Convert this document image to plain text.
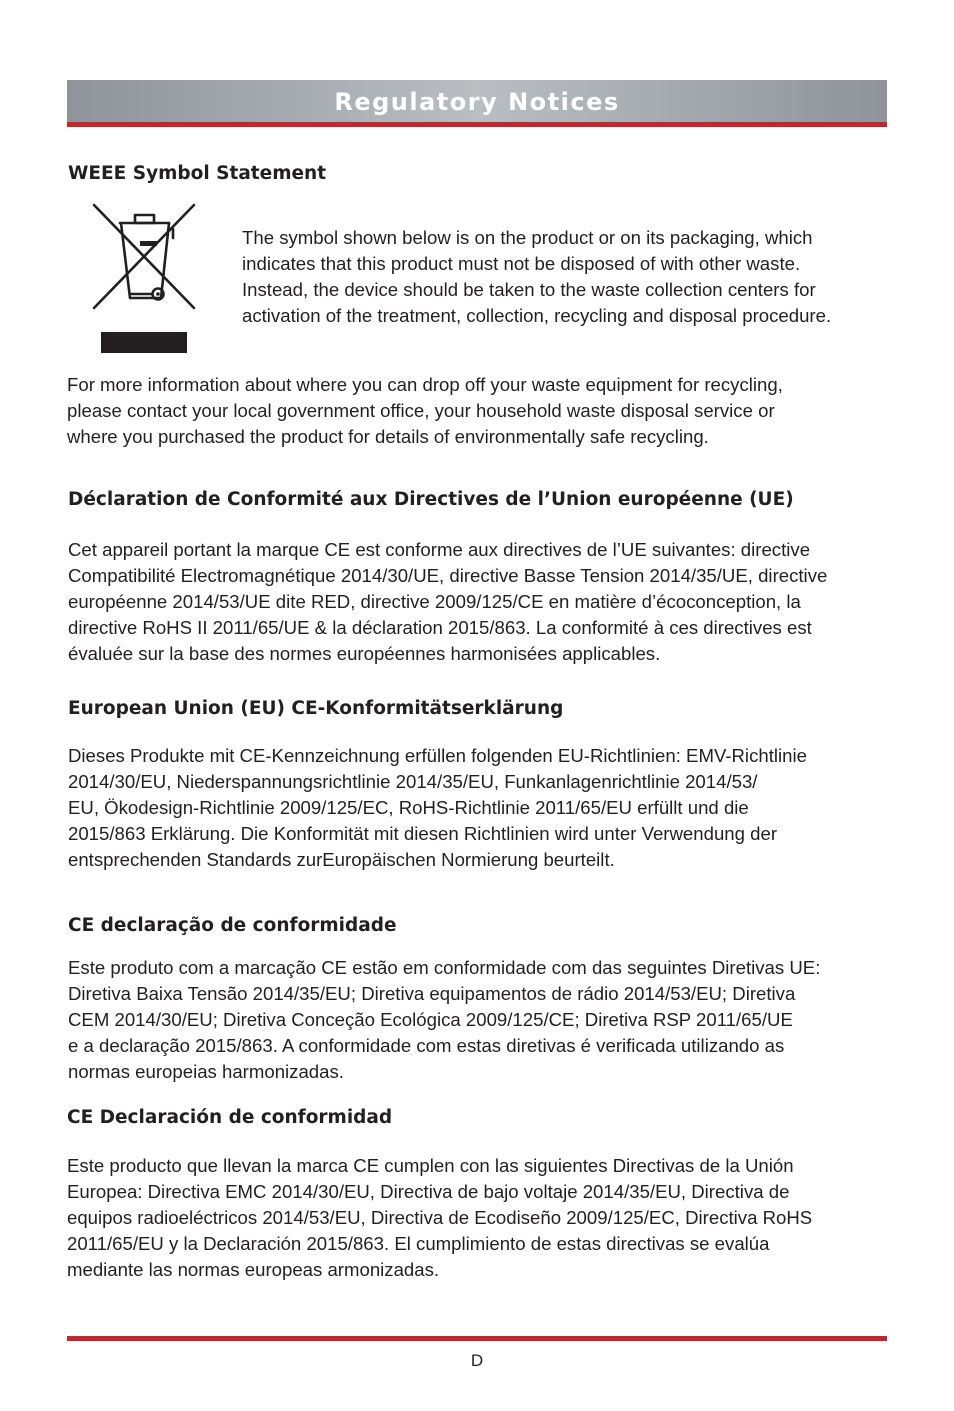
Regulatory Notices
WEEE Symbol Statement

The symbol shown below is on the product or on its packaging, which
indicates that this product must not be disposed of with other waste.
Instead, the device should be taken to the waste collection centers for
activation of the treatment, collection, recycling and disposal procedure.

For more information about where you can drop off your waste equipment for recycling,
please contact your local government office, your household waste disposal service or
where you purchased the product for details of environmentally safe recycling.

Déclaration de Conformité aux Directives de l’Union européenne (UE)

Cet appareil portant la marque CE est conforme aux directives de l’UE suivantes: directive
Compatibilité Electromagnétique 2014/30/UE, directive Basse Tension 2014/35/UE, directive
européenne 2014/53/UE dite RED, directive 2009/125/CE en matière d’écoconception, la
directive RoHS II 2011/65/UE & la déclaration 2015/863. La conformité à ces directives est
évaluée sur la base des normes européennes harmonisées applicables.

European Union (EU) CE-Konformitätserklärung

Dieses Produkte mit CE-Kennzeichnung erfüllen folgenden EU-Richtlinien: EMV-Richtlinie
2014/30/EU, Niederspannungsrichtlinie 2014/35/EU, Funkanlagenrichtlinie 2014/53/
EU, Ökodesign-Richtlinie 2009/125/EC, RoHS-Richtlinie 2011/65/EU erfüllt und die
2015/863 Erklärung. Die Konformität mit diesen Richtlinien wird unter Verwendung der
entsprechenden Standards zurEuropäischen Normierung beurteilt.

CE declaração de conformidade

Este produto com a marcação CE estão em conformidade com das seguintes Diretivas UE:
Diretiva Baixa Tensão 2014/35/EU; Diretiva equipamentos de rádio 2014/53/EU; Diretiva
CEM 2014/30/EU; Diretiva Conceção Ecológica 2009/125/CE; Diretiva RSP 2011/65/UE
e a declaração 2015/863. A conformidade com estas diretivas é verificada utilizando as
normas europeias harmonizadas.

CE Declaración de conformidad

Este producto que llevan la marca CE cumplen con las siguientes Directivas de la Unión
Europea: Directiva EMC 2014/30/EU, Directiva de bajo voltaje 2014/35/EU, Directiva de
equipos radioeléctricos 2014/53/EU, Directiva de Ecodiseño 2009/125/EC, Directiva RoHS
2011/65/EU y la Declaración 2015/863. El cumplimiento de estas directivas se evalúa
mediante las normas europeas armonizadas.

D
